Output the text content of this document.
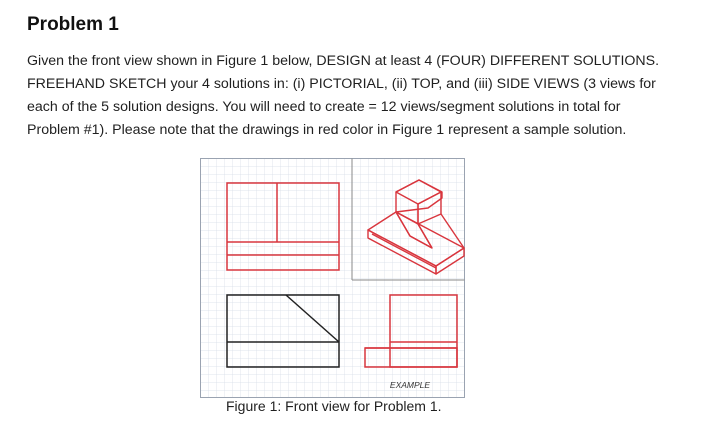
Problem 1
Given the front view shown in Figure 1 below, DESIGN at least 4 (FOUR) DIFFERENT SOLUTIONS.
FREEHAND SKETCH your 4 solutions in: (i) PICTORIAL, (ii) TOP, and (iii) SIDE VIEWS (3 views for
each of the 5 solution designs. You will need to create = 12 views/segment solutions in total for
Problem #1). Please note that the drawings in red color in Figure 1 represent a sample solution.
EXAMPLE
Figure 1: Front view for Problem 1.
